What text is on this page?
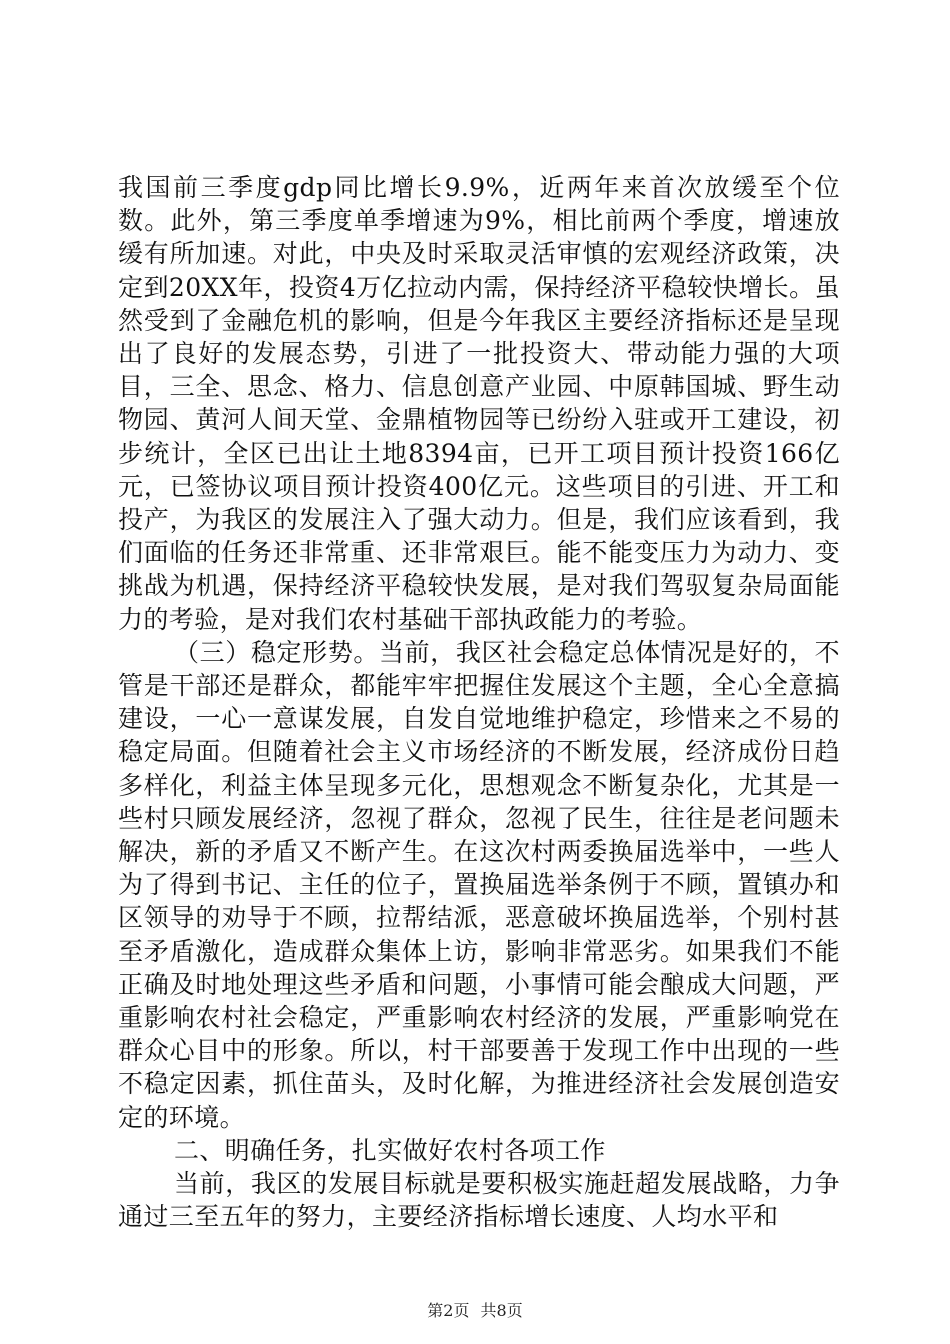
我国前三季度gdp同比增长9.9%，近两年来首次放缓至个位数。此外，第三季度单季增速为9%，相比前两个季度，增速放缓有所加速。对此，中央及时采取灵活审慎的宏观经济政策，决定到20XX年，投资4万亿拉动内需，保持经济平稳较快增长。虽然受到了金融危机的影响，但是今年我区主要经济指标还是呈现出了良好的发展态势，引进了一批投资大、带动能力强的大项目，三全、思念、格力、信息创意产业园、中原韩国城、野生动物园、黄河人间天堂、金鼎植物园等已纷纷入驻或开工建设，初步统计，全区已出让土地8394亩，已开工项目预计投资166亿元，已签协议项目预计投资400亿元。这些项目的引进、开工和投产，为我区的发展注入了强大动力。但是，我们应该看到，我们面临的任务还非常重、还非常艰巨。能不能变压力为动力、变挑战为机遇，保持经济平稳较快发展，是对我们驾驭复杂局面能力的考验，是对我们农村基础干部执政能力的考验。

（三）稳定形势。当前，我区社会稳定总体情况是好的，不管是干部还是群众，都能牢牢把握住发展这个主题，全心全意搞建设，一心一意谋发展，自发自觉地维护稳定，珍惜来之不易的稳定局面。但随着社会主义市场经济的不断发展，经济成份日趋多样化，利益主体呈现多元化，思想观念不断复杂化，尤其是一些村只顾发展经济，忽视了群众，忽视了民生，往往是老问题未解决，新的矛盾又不断产生。在这次村两委换届选举中，一些人为了得到书记、主任的位子，置换届选举条例于不顾，置镇办和区领导的劝导于不顾，拉帮结派，恶意破坏换届选举，个别村甚至矛盾激化，造成群众集体上访，影响非常恶劣。如果我们不能正确及时地处理这些矛盾和问题，小事情可能会酿成大问题，严重影响农村社会稳定，严重影响农村经济的发展，严重影响党在群众心目中的形象。所以，村干部要善于发现工作中出现的一些不稳定因素，抓住苗头，及时化解，为推进经济社会发展创造安定的环境。

二、明确任务，扎实做好农村各项工作

当前，我区的发展目标就是要积极实施赶超发展战略，力争通过三至五年的努力，主要经济指标增长速度、人均水平和

第2页 共8页
